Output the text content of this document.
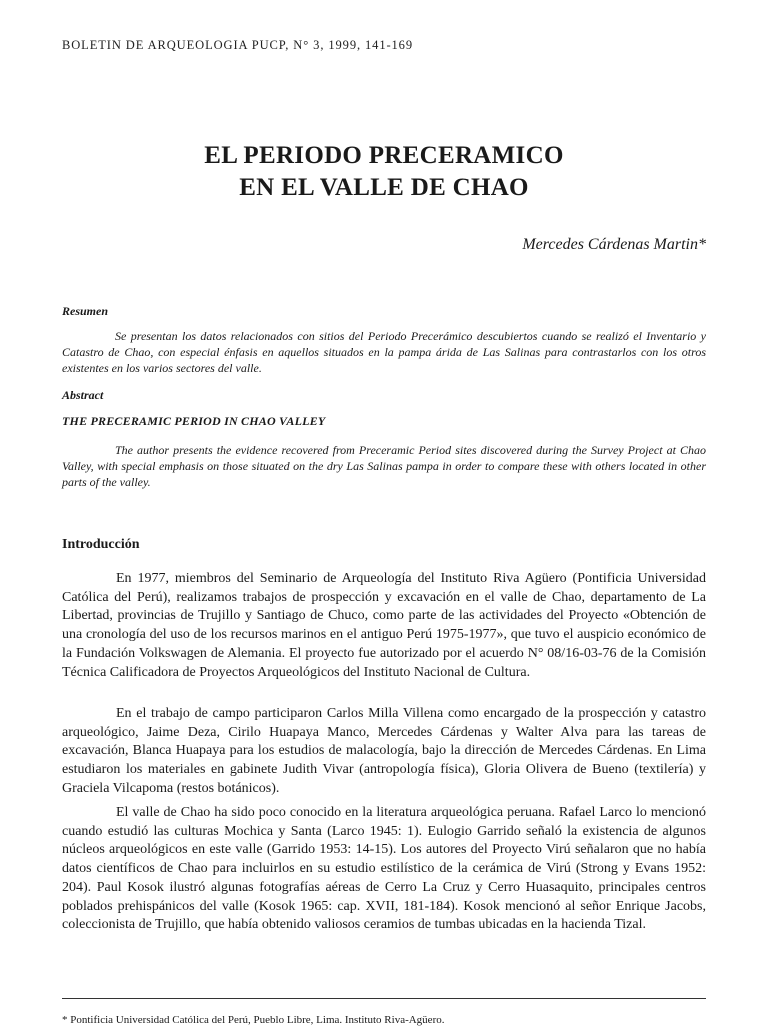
BOLETIN DE ARQUEOLOGIA PUCP, N° 3, 1999, 141-169
EL PERIODO PRECERAMICO
EN EL VALLE DE CHAO
Mercedes Cárdenas Martin*
Resumen
Se presentan los datos relacionados con sitios del Periodo Precerámico descubiertos cuando se realizó el Inventario y Catastro de Chao, con especial énfasis en aquellos situados en la pampa árida de Las Salinas para contrastarlos con los otros existentes en los varios sectores del valle.
Abstract
THE PRECERAMIC PERIOD IN CHAO VALLEY
The author presents the evidence recovered from Preceramic Period sites discovered during the Survey Project at Chao Valley, with special emphasis on those situated on the dry Las Salinas pampa in order to compare these with others located in other parts of the valley.
Introducción
En 1977, miembros del Seminario de Arqueología del Instituto Riva Agüero (Pontificia Universidad Católica del Perú), realizamos trabajos de prospección y excavación en el valle de Chao, departamento de La Libertad, provincias de Trujillo y Santiago de Chuco, como parte de las actividades del Proyecto «Obtención de una cronología del uso de los recursos marinos en el antiguo Perú 1975-1977», que tuvo el auspicio económico de la Fundación Volkswagen de Alemania. El proyecto fue autorizado por el acuerdo N° 08/16-03-76 de la Comisión Técnica Calificadora de Proyectos Arqueológicos del Instituto Nacional de Cultura.
En el trabajo de campo participaron Carlos Milla Villena como encargado de la prospección y catastro arqueológico, Jaime Deza, Cirilo Huapaya Manco, Mercedes Cárdenas y Walter Alva para las tareas de excavación, Blanca Huapaya para los estudios de malacología, bajo la dirección de Mercedes Cárdenas. En Lima estudiaron los materiales en gabinete Judith Vivar (antropología física), Gloria Olivera de Bueno (textilería) y Graciela Vilcapoma (restos botánicos).
El valle de Chao ha sido poco conocido en la literatura arqueológica peruana. Rafael Larco lo mencionó cuando estudió las culturas Mochica y Santa (Larco 1945: 1). Eulogio Garrido señaló la existencia de algunos núcleos arqueológicos en este valle (Garrido 1953: 14-15). Los autores del Proyecto Virú señalaron que no había datos científicos de Chao para incluirlos en su estudio estilístico de la cerámica de Virú (Strong y Evans 1952: 204). Paul Kosok ilustró algunas fotografías aéreas de Cerro La Cruz y Cerro Huasaquito, principales centros poblados prehispánicos del valle (Kosok 1965: cap. XVII, 181-184). Kosok mencionó al señor Enrique Jacobs, coleccionista de Trujillo, que había obtenido valiosos ceramios de tumbas ubicadas en la hacienda Tizal.
* Pontificia Universidad Católica del Perú, Pueblo Libre, Lima. Instituto Riva-Agüero.
